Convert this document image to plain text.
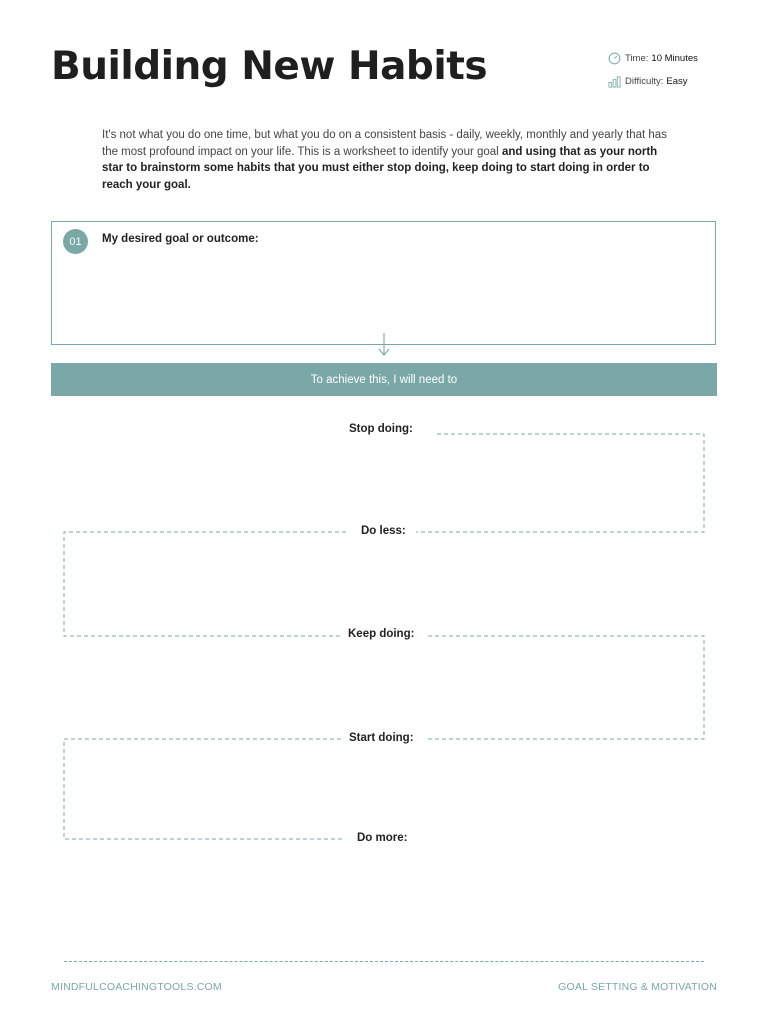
Building New Habits	Time: 10 Minutes
Difficulty: Easy
It's not what you do one time, but what you do on a consistent basis - daily, weekly, monthly and yearly that has the most profound impact on your life. This is a worksheet to identify your goal and using that as your north star to brainstorm some habits that you must either stop doing, keep doing to start doing in order to reach your goal.
01	My desired goal or outcome:
To achieve this, I will need to
Stop doing:
Do less:
Keep doing:
Start doing:
Do more:
MINDFULCOACHINGTOOLS.COM	GOAL SETTING & MOTIVATION
